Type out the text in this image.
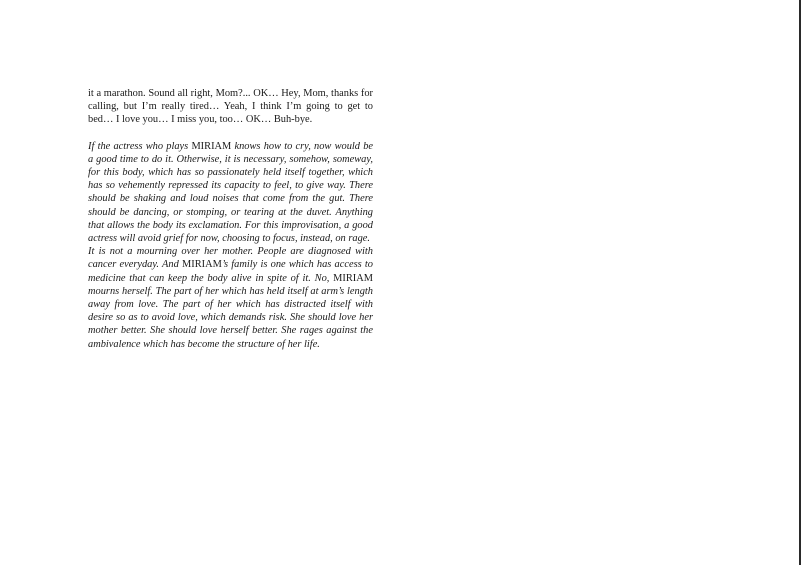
it a marathon. Sound all right, Mom?... OK… Hey, Mom, thanks for calling, but I’m really tired… Yeah, I think I’m going to get to bed… I love you… I miss you, too… OK… Buh-bye.

If the actress who plays MIRIAM knows how to cry, now would be a good time to do it. Otherwise, it is necessary, somehow, someway, for this body, which has so passionately held itself together, which has so vehemently repressed its capacity to feel, to give way. There should be shaking and loud noises that come from the gut. There should be dancing, or stomping, or tearing at the duvet. Anything that allows the body its exclamation. For this improvisation, a good actress will avoid grief for now, choosing to focus, instead, on rage.

It is not a mourning over her mother. People are diagnosed with cancer everyday. And MIRIAM’s family is one which has access to medicine that can keep the body alive in spite of it. No, MIRIAM mourns herself. The part of her which has held itself at arm’s length away from love. The part of her which has distracted itself with desire so as to avoid love, which demands risk. She should love her mother better. She should love herself better. She rages against the ambivalence which has become the structure of her life.
